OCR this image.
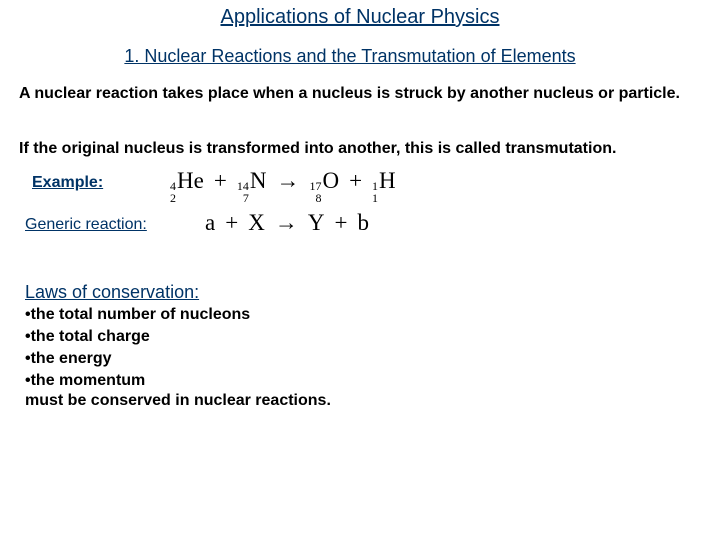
Applications of Nuclear Physics
1. Nuclear Reactions and the Transmutation of Elements
A nuclear reaction takes place when a nucleus is struck by another nucleus or particle.
If the original nucleus is transformed into another, this is called transmutation.
Example:	4
2
He + 14
7
N → 17
8
O + 1
1
H
Generic reaction:	a + X → Y + b
Laws of conservation:
•the total number of nucleons
•the total charge
•the energy
•the momentum
must be conserved in nuclear reactions.
